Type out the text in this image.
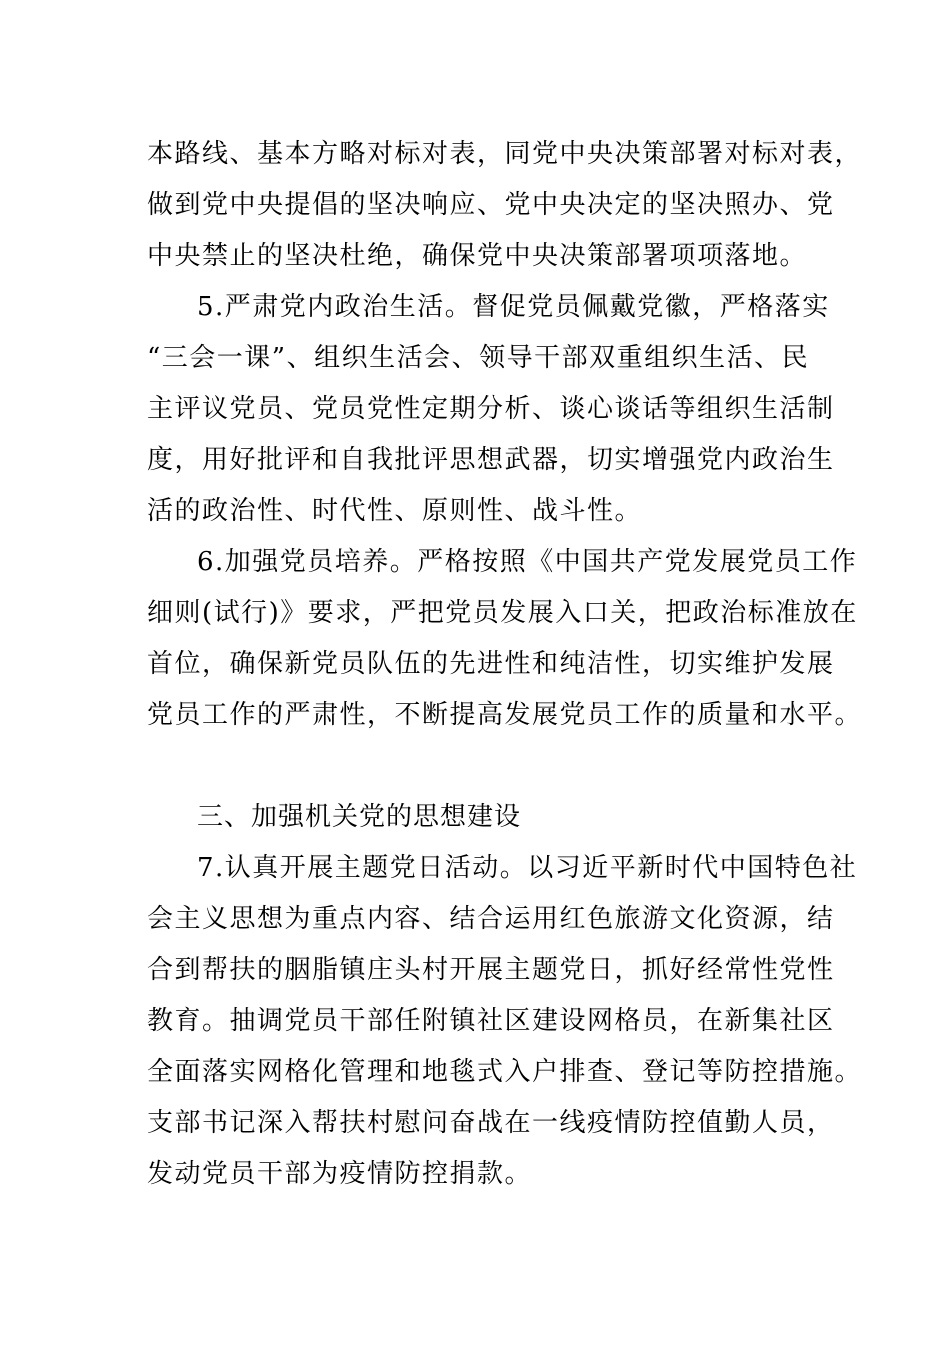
本路线、基本方略对标对表，同党中央决策部署对标对表，
做到党中央提倡的坚决响应、党中央决定的坚决照办、党
中央禁止的坚决杜绝，确保党中央决策部署项项落地。
5.严肃党内政治生活。督促党员佩戴党徽，严格落实
“三会一课”、组织生活会、领导干部双重组织生活、民
主评议党员、党员党性定期分析、谈心谈话等组织生活制
度，用好批评和自我批评思想武器，切实增强党内政治生
活的政治性、时代性、原则性、战斗性。
6.加强党员培养。严格按照《中国共产党发展党员工作
细则(试行)》要求，严把党员发展入口关，把政治标准放在
首位，确保新党员队伍的先进性和纯洁性，切实维护发展
党员工作的严肃性，不断提高发展党员工作的质量和水平。
三、加强机关党的思想建设
7.认真开展主题党日活动。以习近平新时代中国特色社
会主义思想为重点内容、结合运用红色旅游文化资源，结
合到帮扶的胭脂镇庄头村开展主题党日，抓好经常性党性
教育。抽调党员干部任附镇社区建设网格员，在新集社区
全面落实网格化管理和地毯式入户排查、登记等防控措施。
支部书记深入帮扶村慰问奋战在一线疫情防控值勤人员，
发动党员干部为疫情防控捐款。
